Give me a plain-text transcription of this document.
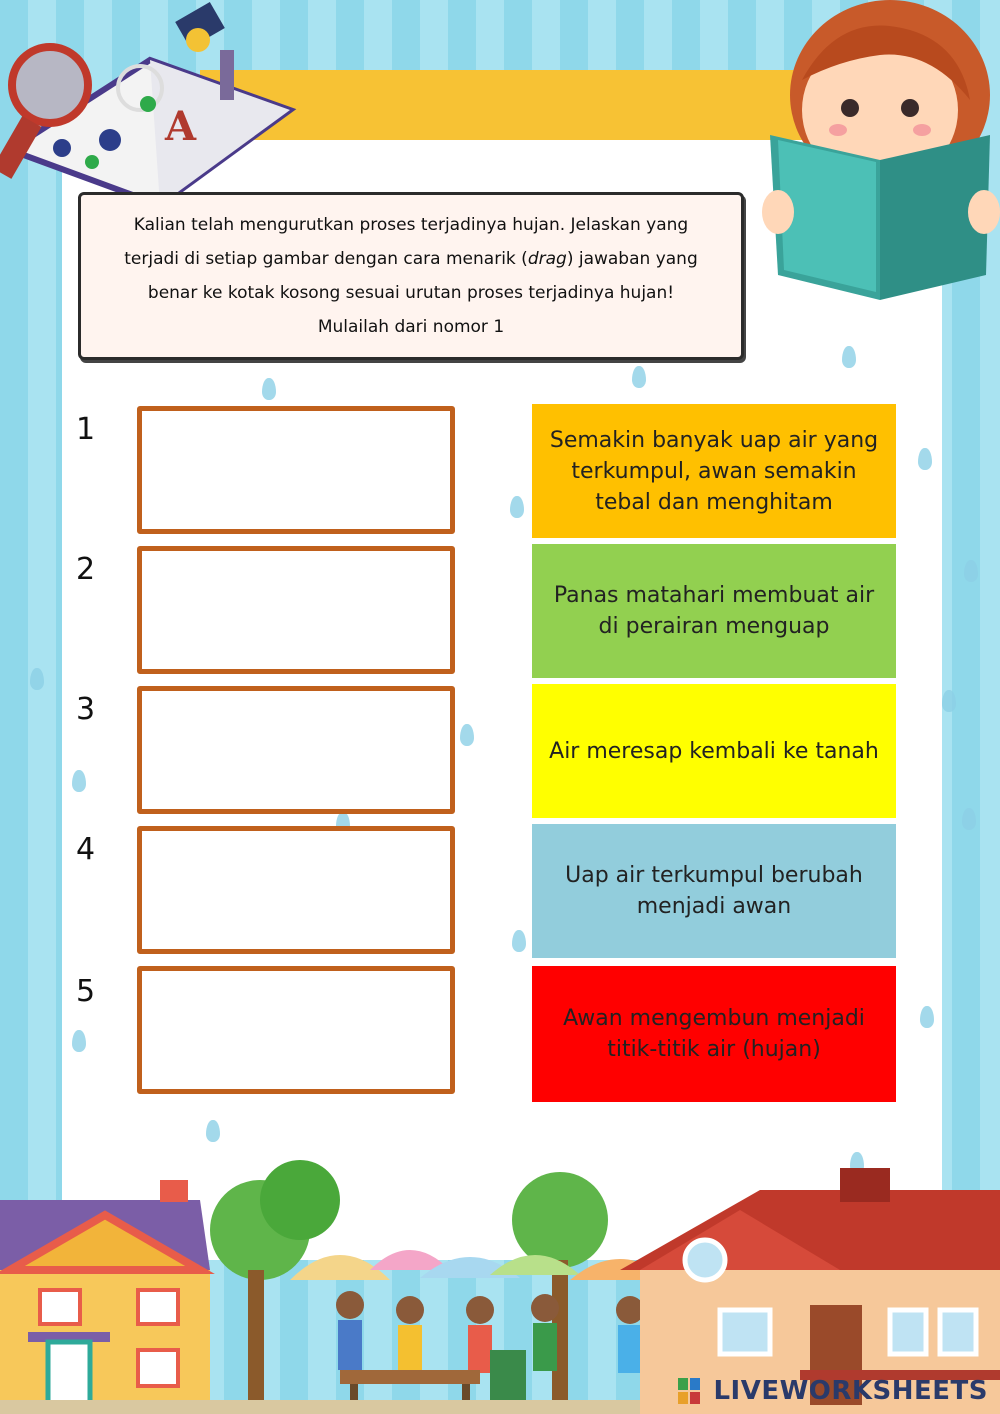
A

Kalian telah mengurutkan proses terjadinya hujan. Jelaskan yang
terjadi di setiap gambar dengan cara menarik (drag) jawaban yang
benar ke kotak kosong sesuai urutan proses terjadinya hujan!
Mulailah dari nomor 1

1
2
3
4
5
Semakin banyak uap air yang terkumpul, awan semakin tebal dan menghitam
Panas matahari membuat air di perairan menguap
Air meresap kembali ke tanah
Uap air terkumpul berubah menjadi awan
Awan mengembun menjadi titik-titik air (hujan)
LIVEWORKSHEETS
